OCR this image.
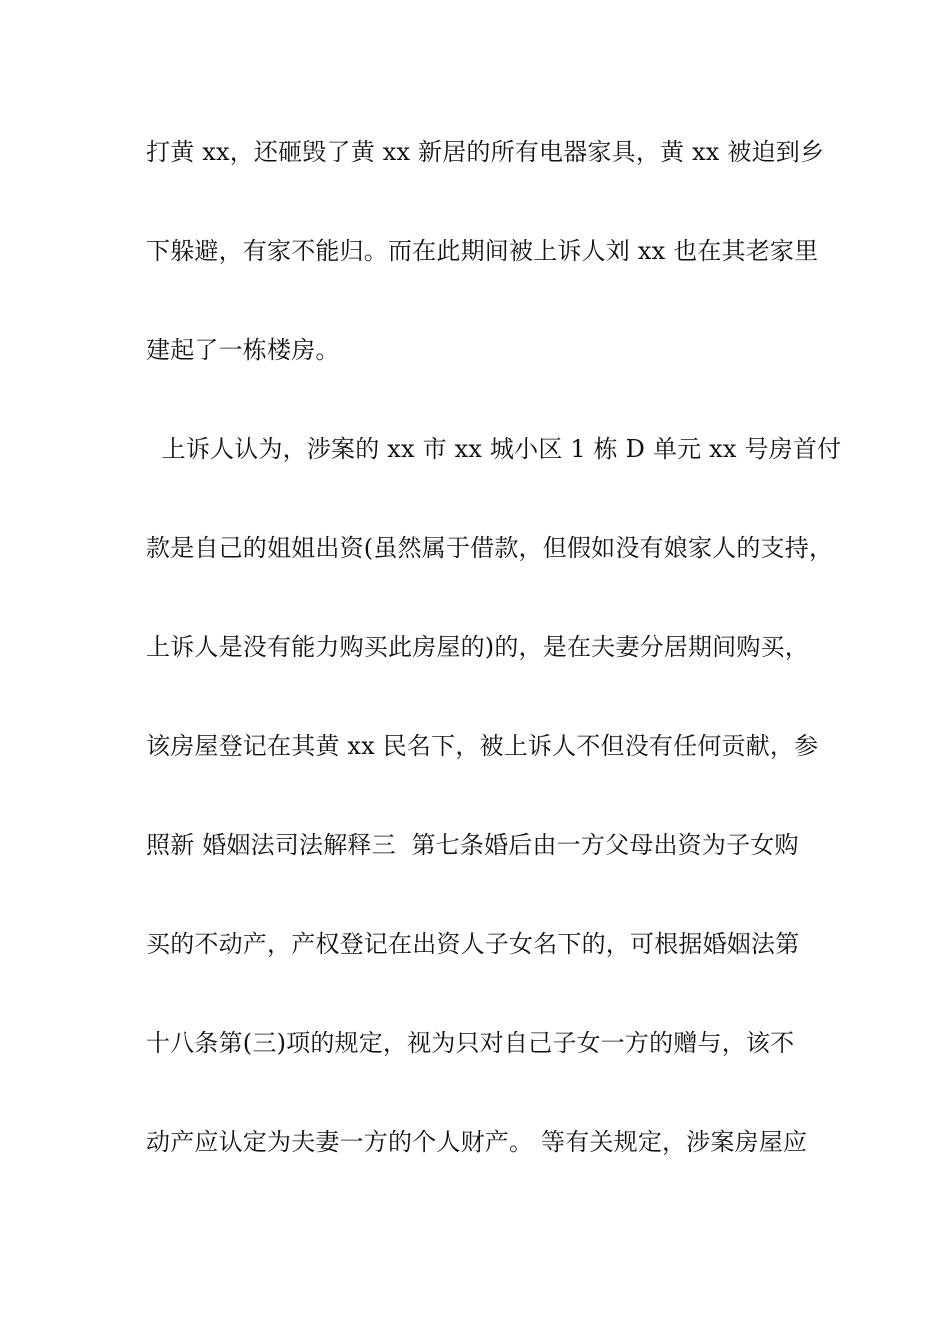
打黄 xx，还砸毁了黄 xx 新居的所有电器家具，黄 xx 被迫到乡
下躲避，有家不能归。而在此期间被上诉人刘 xx 也在其老家里
建起了一栋楼房。
上诉人认为，涉案的 xx 市 xx 城小区 1 栋 D 单元 xx 号房首付
款是自己的姐姐出资(虽然属于借款，但假如没有娘家人的支持，
上诉人是没有能力购买此房屋的)的，是在夫妻分居期间购买，
该房屋登记在其黄 xx 民名下，被上诉人不但没有任何贡献，参
照新 婚姻法司法解释三  第七条婚后由一方父母出资为子女购
买的不动产，产权登记在出资人子女名下的，可根据婚姻法第
十八条第(三)项的规定，视为只对自己子女一方的赠与，该不
动产应认定为夫妻一方的个人财产。 等有关规定，涉案房屋应
